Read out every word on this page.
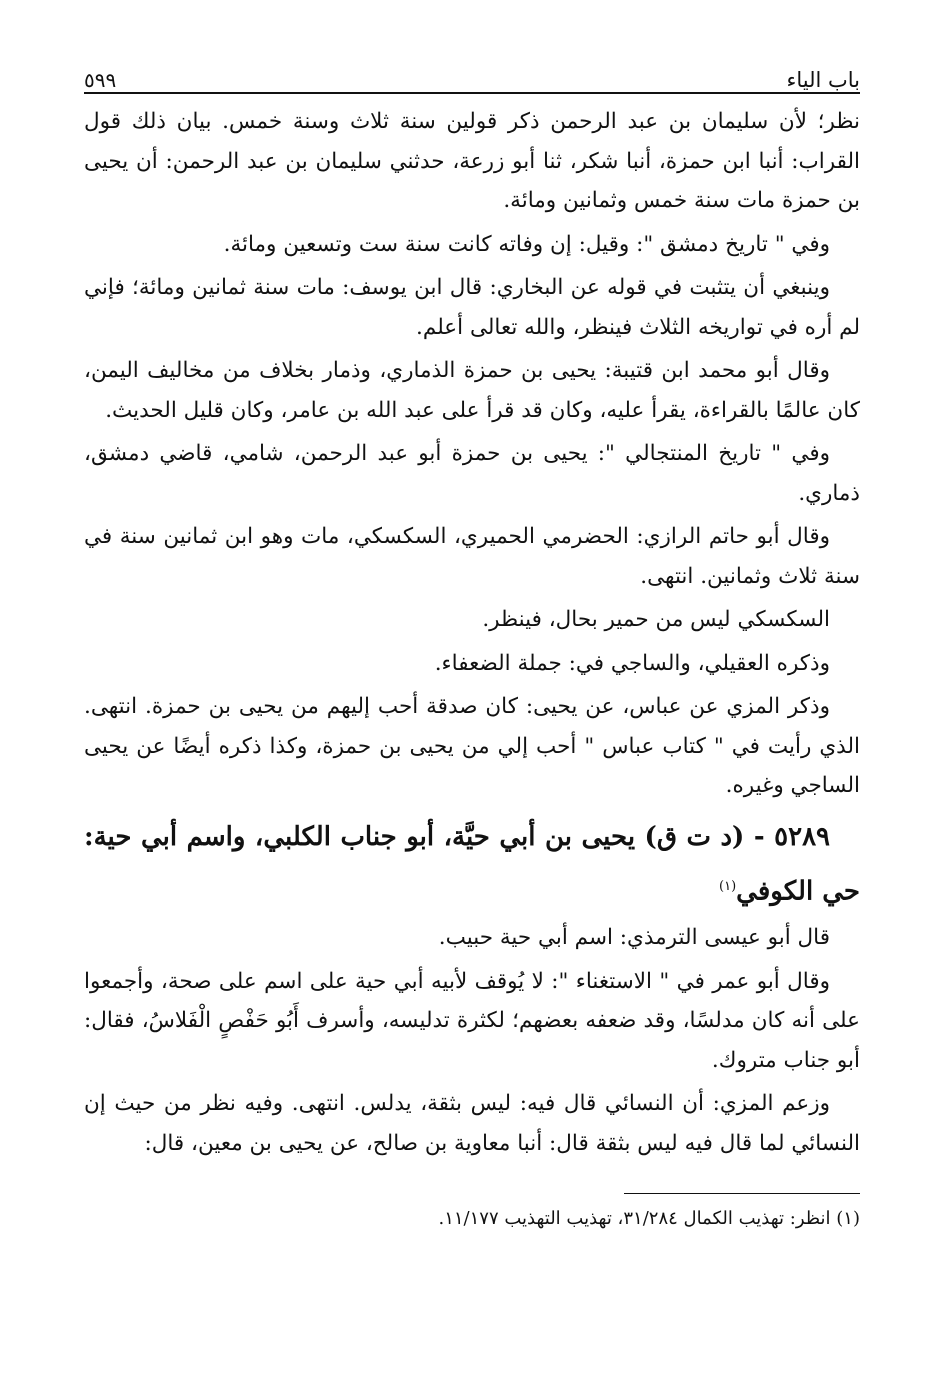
باب الياء
٥٩٩

نظر؛ لأن سليمان بن عبد الرحمن ذكر قولين سنة ثلاث وسنة خمس. بيان ذلك قول القراب: أنبا ابن حمزة، أنبا شكر، ثنا أبو زرعة، حدثني سليمان بن عبد الرحمن: أن يحيى بن حمزة مات سنة خمس وثمانين ومائة.

وفي " تاريخ دمشق ": وقيل: إن وفاته كانت سنة ست وتسعين ومائة.

وينبغي أن يتثبت في قوله عن البخاري: قال ابن يوسف: مات سنة ثمانين ومائة؛ فإني لم أره في تواريخه الثلاث فينظر، والله تعالى أعلم.

وقال أبو محمد ابن قتيبة: يحيى بن حمزة الذماري، وذمار بخلاف من مخاليف اليمن، كان عالمًا بالقراءة، يقرأ عليه، وكان قد قرأ على عبد الله بن عامر، وكان قليل الحديث.

وفي " تاريخ المنتجالي ": يحيى بن حمزة أبو عبد الرحمن، شامي، قاضي دمشق، ذماري.

وقال أبو حاتم الرازي: الحضرمي الحميري، السكسكي، مات وهو ابن ثمانين سنة في سنة ثلاث وثمانين. انتهى.

السكسكي ليس من حمير بحال، فينظر.

وذكره العقيلي، والساجي في: جملة الضعفاء.

وذكر المزي عن عباس، عن يحيى: كان صدقة أحب إليهم من يحيى بن حمزة. انتهى. الذي رأيت في " كتاب عباس " أحب إلي من يحيى بن حمزة، وكذا ذكره أيضًا عن يحيى الساجي وغيره.

٥٢٨٩ - (د ت ق) يحيى بن أبي حيَّة، أبو جناب الكلبي، واسم أبي حية: حي الكوفي$^{(١)}$

قال أبو عيسى الترمذي: اسم أبي حية حبيب.

وقال أبو عمر في " الاستغناء ": لا يُوقف لأبيه أبي حية على اسم على صحة، وأجمعوا على أنه كان مدلسًا، وقد ضعفه بعضهم؛ لكثرة تدليسه، وأسرف أَبُو حَفْصٍ الْفَلاسُ، فقال: أبو جناب متروك.

وزعم المزي: أن النسائي قال فيه: ليس بثقة، يدلس. انتهى. وفيه نظر من حيث إن النسائي لما قال فيه ليس بثقة قال: أنبا معاوية بن صالح، عن يحيى بن معين، قال:

(١) انظر: تهذيب الكمال ٣١/٢٨٤، تهذيب التهذيب ١١/١٧٧.
